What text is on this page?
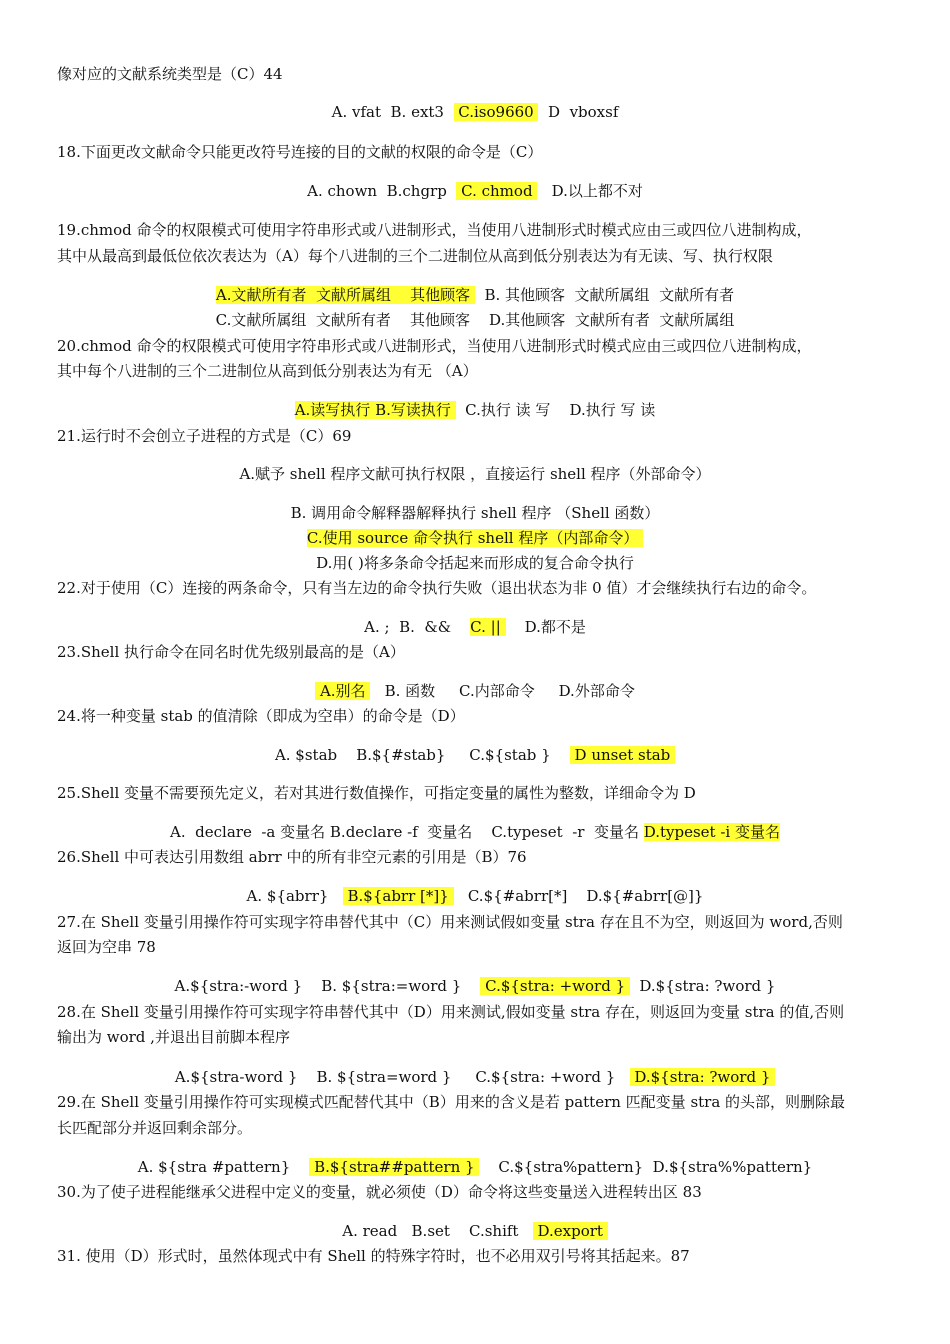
像对应的文献系统类型是（C）44
A. vfat  B. ext3   C.iso9660   D  vboxsf
18.下面更改文献命令只能更改符号连接的目的文献的权限的命令是（C）
A. chown  B.chgrp   C. chmod    D.以上都不对
19.chmod 命令的权限模式可使用字符串形式或八进制形式，当使用八进制形式时模式应由三或四位八进制构成，
其中从最高到最低位依次表达为（A）每个八进制的三个二进制位从高到低分别表达为有无读、写、执行权限
A.文献所有者  文献所属组    其他顾客   B. 其他顾客  文献所属组  文献所有者
C.文献所属组  文献所有者    其他顾客    D.其他顾客  文献所有者  文献所属组
20.chmod 命令的权限模式可使用字符串形式或八进制形式，当使用八进制形式时模式应由三或四位八进制构成，
其中每个八进制的三个二进制位从高到低分别表达为有无 （A）
A.读写执行 B.写读执行   C.执行 读 写    D.执行 写 读
21.运行时不会创立子进程的方式是（C）69
A.赋予 shell 程序文献可执行权限 ，直接运行 shell 程序（外部命令）
B. 调用命令解释器解释执行 shell 程序 （Shell 函数）
C.使用 source 命令执行 shell 程序（内部命令）
D.用( )将多条命令括起来而形成的复合命令执行
22.对于使用（C）连接的两条命令，只有当左边的命令执行失败（退出状态为非 0 值）才会继续执行右边的命令。
A. ;  B.  &&    C. ||     D.都不是
23.Shell 执行命令在同名时优先级别最高的是（A）
A.别名    B. 函数     C.内部命令     D.外部命令
24.将一种变量 stab 的值清除（即成为空串）的命令是（D）
A. $stab    B.${#stab}     C.${stab }     D unset stab
25.Shell 变量不需要预先定义，若对其进行数值操作，可指定变量的属性为整数，详细命令为 D
A.  declare  -a 变量名 B.declare -f  变量名    C.typeset  -r  变量名 D.typeset -i 变量名
26.Shell 中可表达引用数组 abrr 中的所有非空元素的引用是（B）76
A. ${abrr}    B.${abrr [*]}    C.${#abrr[*]    D.${#abrr[@]}
27.在 Shell 变量引用操作符可实现字符串替代其中（C）用来测试假如变量 stra 存在且不为空，则返回为 word,否则
返回为空串 78
A.${stra:-word }    B. ${stra:=word }     C.${stra: +word }   D.${stra: ?word }
28.在 Shell 变量引用操作符可实现字符串替代其中（D）用来测试,假如变量 stra 存在，则返回为变量 stra 的值,否则
输出为 word ,并退出目前脚本程序
A.${stra-word }    B. ${stra=word }     C.${stra: +word }    D.${stra: ?word }
29.在 Shell 变量引用操作符可实现模式匹配替代其中（B）用来的含义是若 pattern 匹配变量 stra 的头部，则删除最
长匹配部分并返回剩余部分。
A. ${stra #pattern}     B.${stra##pattern }     C.${stra%pattern}  D.${stra%%pattern}
30.为了使子进程能继承父进程中定义的变量，就必须使（D）命令将这些变量送入进程转出区 83
A. read   B.set    C.shift    D.export
31. 使用（D）形式时，虽然体现式中有 Shell 的特殊字符时，也不必用双引号将其括起来。87
